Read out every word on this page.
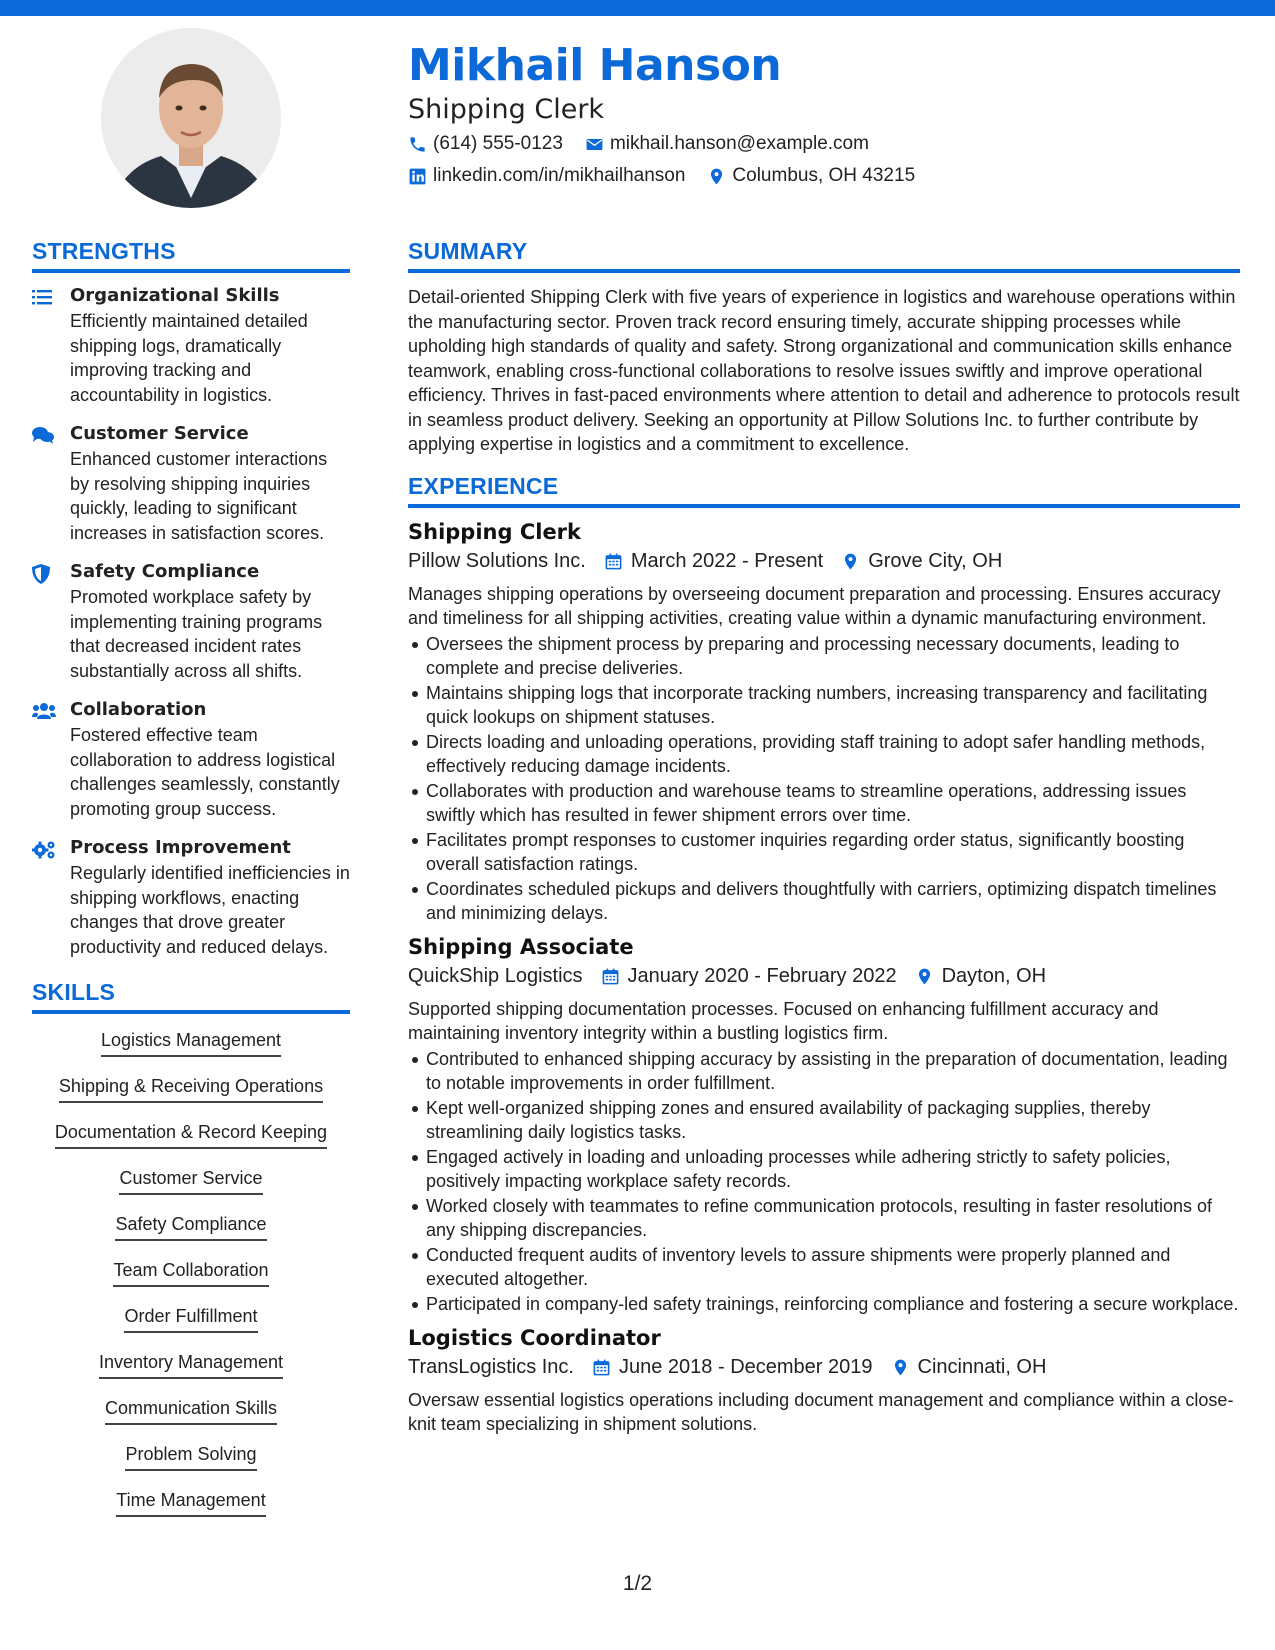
Mikhail Hanson
Shipping Clerk
(614) 555-0123 mikhail.hanson@example.com
linkedin.com/in/mikhailhanson Columbus, OH 43215
STRENGTHS
Organizational Skills
Efficiently maintained detailed shipping logs, dramatically improving tracking and accountability in logistics.
Customer Service
Enhanced customer interactions by resolving shipping inquiries quickly, leading to significant increases in satisfaction scores.
Safety Compliance
Promoted workplace safety by implementing training programs that decreased incident rates substantially across all shifts.
Collaboration
Fostered effective team collaboration to address logistical challenges seamlessly, constantly promoting group success.
Process Improvement
Regularly identified inefficiencies in shipping workflows, enacting changes that drove greater productivity and reduced delays.
SKILLS
Logistics Management
Shipping & Receiving Operations
Documentation & Record Keeping
Customer Service
Safety Compliance
Team Collaboration
Order Fulfillment
Inventory Management
Communication Skills
Problem Solving
Time Management
SUMMARY

Detail-oriented Shipping Clerk with five years of experience in logistics and warehouse operations within the manufacturing sector. Proven track record ensuring timely, accurate shipping processes while upholding high standards of quality and safety. Strong organizational and communication skills enhance teamwork, enabling cross-functional collaborations to resolve issues swiftly and improve operational efficiency. Thrives in fast-paced environments where attention to detail and adherence to protocols result in seamless product delivery. Seeking an opportunity at Pillow Solutions Inc. to further contribute by applying expertise in logistics and a commitment to excellence.

EXPERIENCE
Shipping Clerk
Pillow Solutions Inc. March 2022 - Present Grove City, OH

Manages shipping operations by overseeing document preparation and processing. Ensures accuracy and timeliness for all shipping activities, creating value within a dynamic manufacturing environment.

Oversees the shipment process by preparing and processing necessary documents, leading to complete and precise deliveries.
Maintains shipping logs that incorporate tracking numbers, increasing transparency and facilitating quick lookups on shipment statuses.
Directs loading and unloading operations, providing staff training to adopt safer handling methods, effectively reducing damage incidents.
Collaborates with production and warehouse teams to streamline operations, addressing issues swiftly which has resulted in fewer shipment errors over time.
Facilitates prompt responses to customer inquiries regarding order status, significantly boosting overall satisfaction ratings.
Coordinates scheduled pickups and delivers thoughtfully with carriers, optimizing dispatch timelines and minimizing delays.
Shipping Associate
QuickShip Logistics January 2020 - February 2022 Dayton, OH

Supported shipping documentation processes. Focused on enhancing fulfillment accuracy and maintaining inventory integrity within a bustling logistics firm.

Contributed to enhanced shipping accuracy by assisting in the preparation of documentation, leading to notable improvements in order fulfillment.
Kept well-organized shipping zones and ensured availability of packaging supplies, thereby streamlining daily logistics tasks.
Engaged actively in loading and unloading processes while adhering strictly to safety policies, positively impacting workplace safety records.
Worked closely with teammates to refine communication protocols, resulting in faster resolutions of any shipping discrepancies.
Conducted frequent audits of inventory levels to assure shipments were properly planned and executed altogether.
Participated in company-led safety trainings, reinforcing compliance and fostering a secure workplace.
Logistics Coordinator
TransLogistics Inc. June 2018 - December 2019 Cincinnati, OH

Oversaw essential logistics operations including document management and compliance within a close-knit team specializing in shipment solutions.

1/2
